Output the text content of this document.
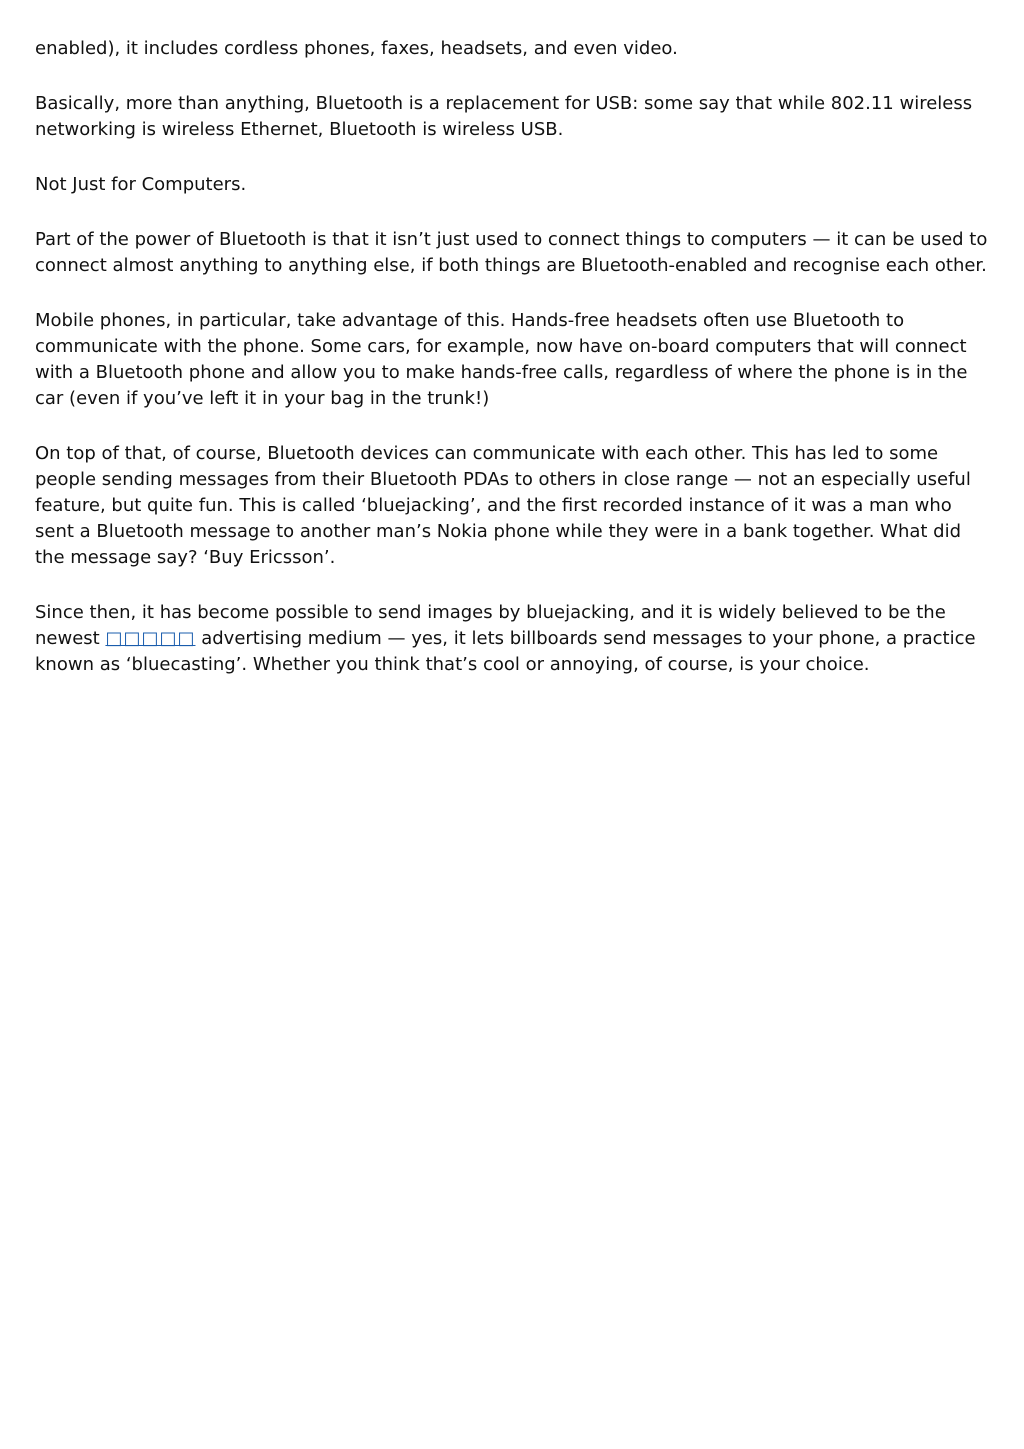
enabled), it includes cordless phones, faxes, headsets, and even video.

Basically, more than anything, Bluetooth is a replacement for USB: some say that while 802.11 wireless networking is wireless Ethernet, Bluetooth is wireless USB.

Not Just for Computers.

Part of the power of Bluetooth is that it isn’t just used to connect things to computers — it can be used to connect almost anything to anything else, if both things are Bluetooth-enabled and recognise each other.

Mobile phones, in particular, take advantage of this. Hands-free headsets often use Bluetooth to communicate with the phone. Some cars, for example, now have on-board computers that will connect with a Bluetooth phone and allow you to make hands-free calls, regardless of where the phone is in the car (even if you’ve left it in your bag in the trunk!)

On top of that, of course, Bluetooth devices can communicate with each other. This has led to some people sending messages from their Bluetooth PDAs to others in close range — not an especially useful feature, but quite fun. This is called ‘bluejacking’, and the first recorded instance of it was a man who sent a Bluetooth message to another man’s Nokia phone while they were in a bank together. What did the message say? ‘Buy Ericsson’.

Since then, it has become possible to send images by bluejacking, and it is widely believed to be the newest □□□□□ advertising medium — yes, it lets billboards send messages to your phone, a practice known as ‘bluecasting’. Whether you think that’s cool or annoying, of course, is your choice.
